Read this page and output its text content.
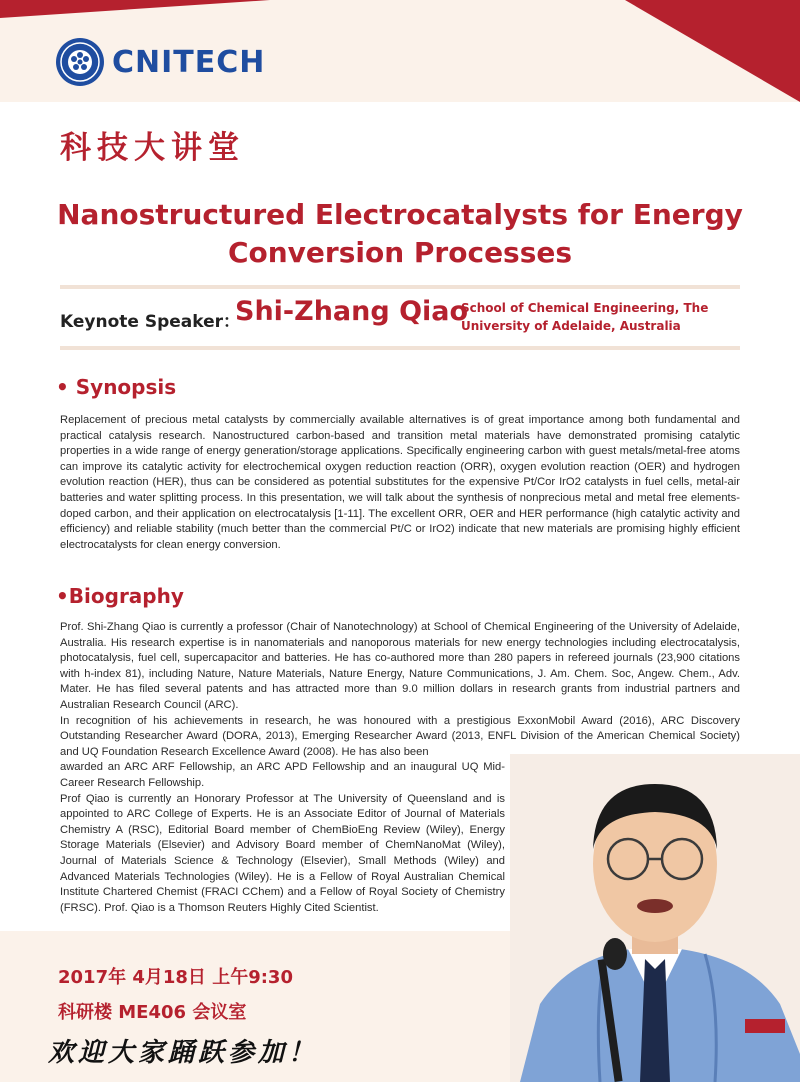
CNITECH
科技大讲堂
Nanostructured Electrocatalysts for Energy Conversion Processes
Keynote Speaker：
Shi-Zhang Qiao
School of Chemical Engineering, The University of Adelaide, Australia
• Synopsis
Replacement of precious metal catalysts by commercially available alternatives is of great importance among both fundamental and practical catalysis research. Nanostructured carbon-based and transition metal materials have demonstrated promising catalytic properties in a wide range of energy generation/storage applications. Specifically engineering carbon with guest metals/metal-free atoms can improve its catalytic activity for electrochemical oxygen reduction reaction (ORR), oxygen evolution reaction (OER) and hydrogen evolution reaction (HER), thus can be considered as potential substitutes for the expensive Pt/Cor IrO2 catalysts in fuel cells, metal-air batteries and water splitting process. In this presentation, we will talk about the synthesis of nonprecious metal and metal free elements-doped carbon, and their application on electrocatalysis [1-11]. The excellent ORR, OER and HER performance (high catalytic activity and efficiency) and reliable stability (much better than the commercial Pt/C or IrO2) indicate that new materials are promising highly efficient electrocatalysts for clean energy conversion.
•Biography

Prof. Shi-Zhang Qiao is currently a professor (Chair of Nanotechnology) at School of Chemical Engineering of the University of Adelaide, Australia. His research expertise is in nanomaterials and nanoporous materials for new energy technologies including electrocatalysis, photocatalysis, fuel cell, supercapacitor and batteries. He has co-authored more than 280 papers in refereed journals (23,900 citations with h-index 81), including Nature, Nature Materials, Nature Energy, Nature Communications, J. Am. Chem. Soc, Angew. Chem., Adv. Mater. He has filed several patents and has attracted more than 9.0 million dollars in research grants from industrial partners and Australian Research Council (ARC).

In recognition of his achievements in research, he was honoured with a prestigious ExxonMobil Award (2016), ARC Discovery Outstanding Researcher Award (DORA, 2013), Emerging Researcher Award (2013, ENFL Division of the American Chemical Society) and UQ Foundation Research Excellence Award (2008). He has also been

awarded an ARC ARF Fellowship, an ARC APD Fellowship and an inaugural UQ Mid-Career Research Fellowship.

Prof Qiao is currently an Honorary Professor at The University of Queensland and is appointed to ARC College of Experts. He is an Associate Editor of Journal of Materials Chemistry A (RSC), Editorial Board member of ChemBioEng Review (Wiley), Energy Storage Materials (Elsevier) and Advisory Board member of ChemNanoMat (Wiley), Journal of Materials Science & Technology (Elsevier), Small Methods (Wiley) and Advanced Materials Technologies (Wiley). He is a Fellow of Royal Australian Chemical Institute Chartered Chemist (FRACI CChem) and a Fellow of Royal Society of Chemistry (FRSC). Prof. Qiao is a Thomson Reuters Highly Cited Scientist.

2017年 4月18日 上午9:30
科研楼 ME406 会议室
欢迎大家踊跃参加！
